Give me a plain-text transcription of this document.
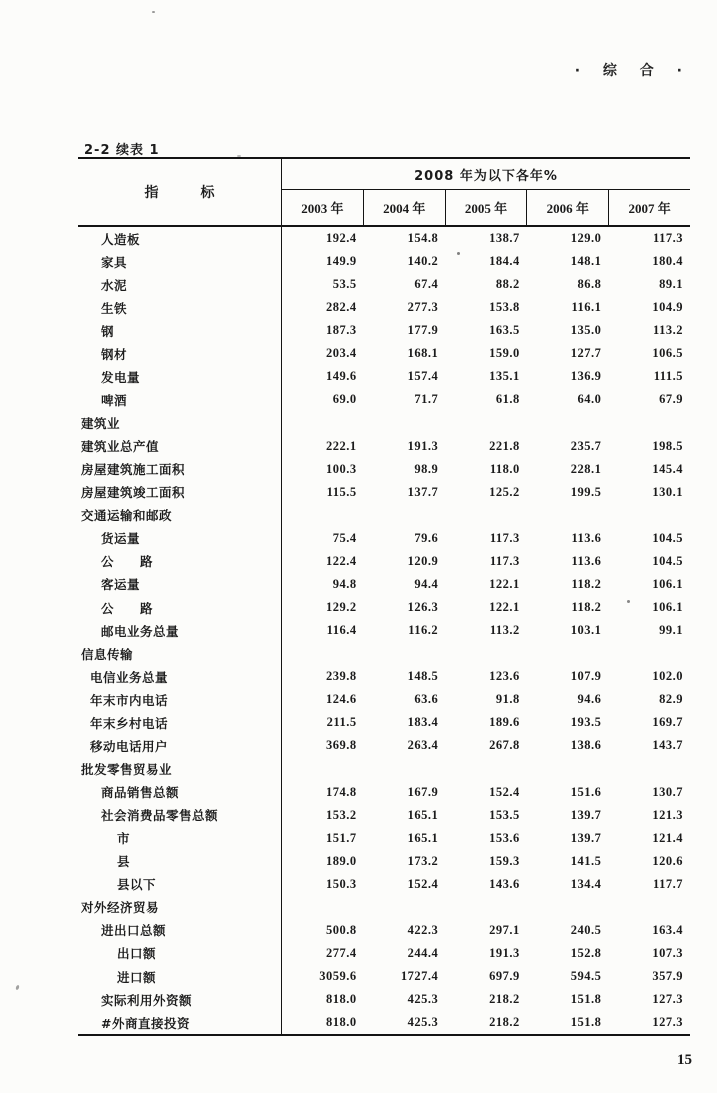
· 综 合 ·
2-2 续表 1
指　　　标
2008 年为以下各年%
2003 年	2004 年	2005 年	2006 年	2007 年
人造板	192.4	154.8	138.7	129.0	117.3
家具	149.9	140.2	184.4	148.1	180.4
水泥	53.5	67.4	88.2	86.8	89.1
生铁	282.4	277.3	153.8	116.1	104.9
钢	187.3	177.9	163.5	135.0	113.2
钢材	203.4	168.1	159.0	127.7	106.5
发电量	149.6	157.4	135.1	136.9	111.5
啤酒	69.0	71.7	61.8	64.0	67.9
建筑业
建筑业总产值	222.1	191.3	221.8	235.7	198.5
房屋建筑施工面积	100.3	98.9	118.0	228.1	145.4
房屋建筑竣工面积	115.5	137.7	125.2	199.5	130.1
交通运输和邮政
货运量	75.4	79.6	117.3	113.6	104.5
公　　路	122.4	120.9	117.3	113.6	104.5
客运量	94.8	94.4	122.1	118.2	106.1
公　　路	129.2	126.3	122.1	118.2	106.1
邮电业务总量	116.4	116.2	113.2	103.1	99.1
信息传输
电信业务总量	239.8	148.5	123.6	107.9	102.0
年末市内电话	124.6	63.6	91.8	94.6	82.9
年末乡村电话	211.5	183.4	189.6	193.5	169.7
移动电话用户	369.8	263.4	267.8	138.6	143.7
批发零售贸易业
商品销售总额	174.8	167.9	152.4	151.6	130.7
社会消费品零售总额	153.2	165.1	153.5	139.7	121.3
市	151.7	165.1	153.6	139.7	121.4
县	189.0	173.2	159.3	141.5	120.6
县以下	150.3	152.4	143.6	134.4	117.7
对外经济贸易
进出口总额	500.8	422.3	297.1	240.5	163.4
出口额	277.4	244.4	191.3	152.8	107.3
进口额	3059.6	1727.4	697.9	594.5	357.9
实际利用外资额	818.0	425.3	218.2	151.8	127.3
#外商直接投资	818.0	425.3	218.2	151.8	127.3
15
